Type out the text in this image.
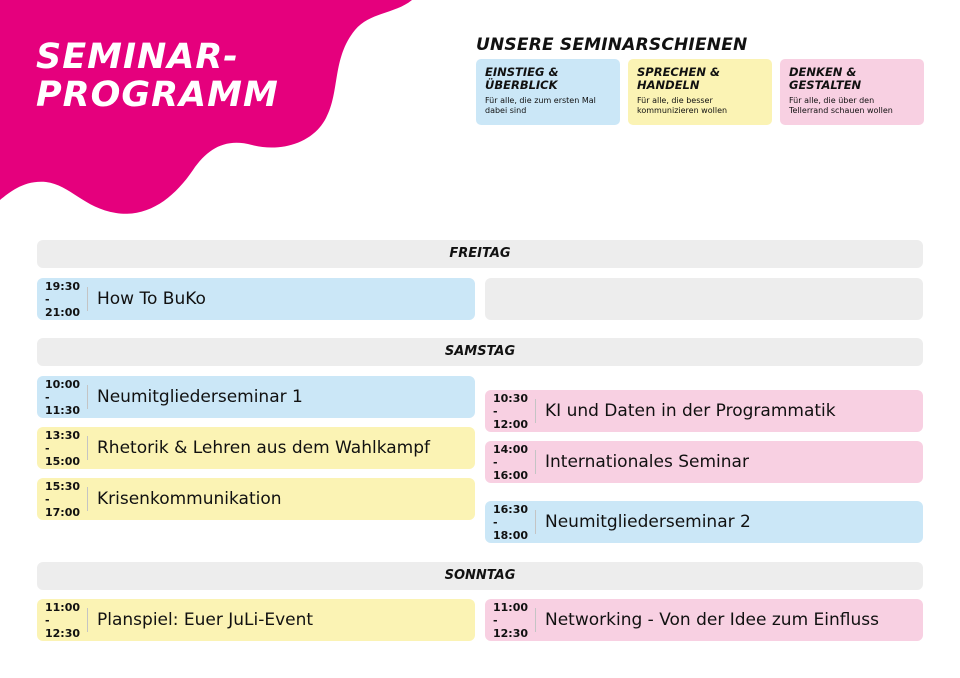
SEMINAR-
PROGRAMM
UNSERE SEMINARSCHIENEN
EINSTIEG &
ÜBERBLICK
Für alle, die zum ersten Mal
dabei sind
SPRECHEN &
HANDELN
Für alle, die besser
kommunizieren wollen
DENKEN &
GESTALTEN
Für alle, die über den
Tellerrand schauen wollen
FREITAG
19:30 -
21:00
How To BuKo
SAMSTAG
10:00 -
11:30
Neumitgliederseminar 1
13:30 -
15:00
Rhetorik & Lehren aus dem Wahlkampf
15:30 -
17:00
Krisenkommunikation
10:30 -
12:00
KI und Daten in der Programmatik
14:00 -
16:00
Internationales Seminar
16:30 -
18:00
Neumitgliederseminar 2
SONNTAG
11:00 -
12:30
Planspiel: Euer JuLi-Event
11:00 -
12:30
Networking - Von der Idee zum Einfluss
